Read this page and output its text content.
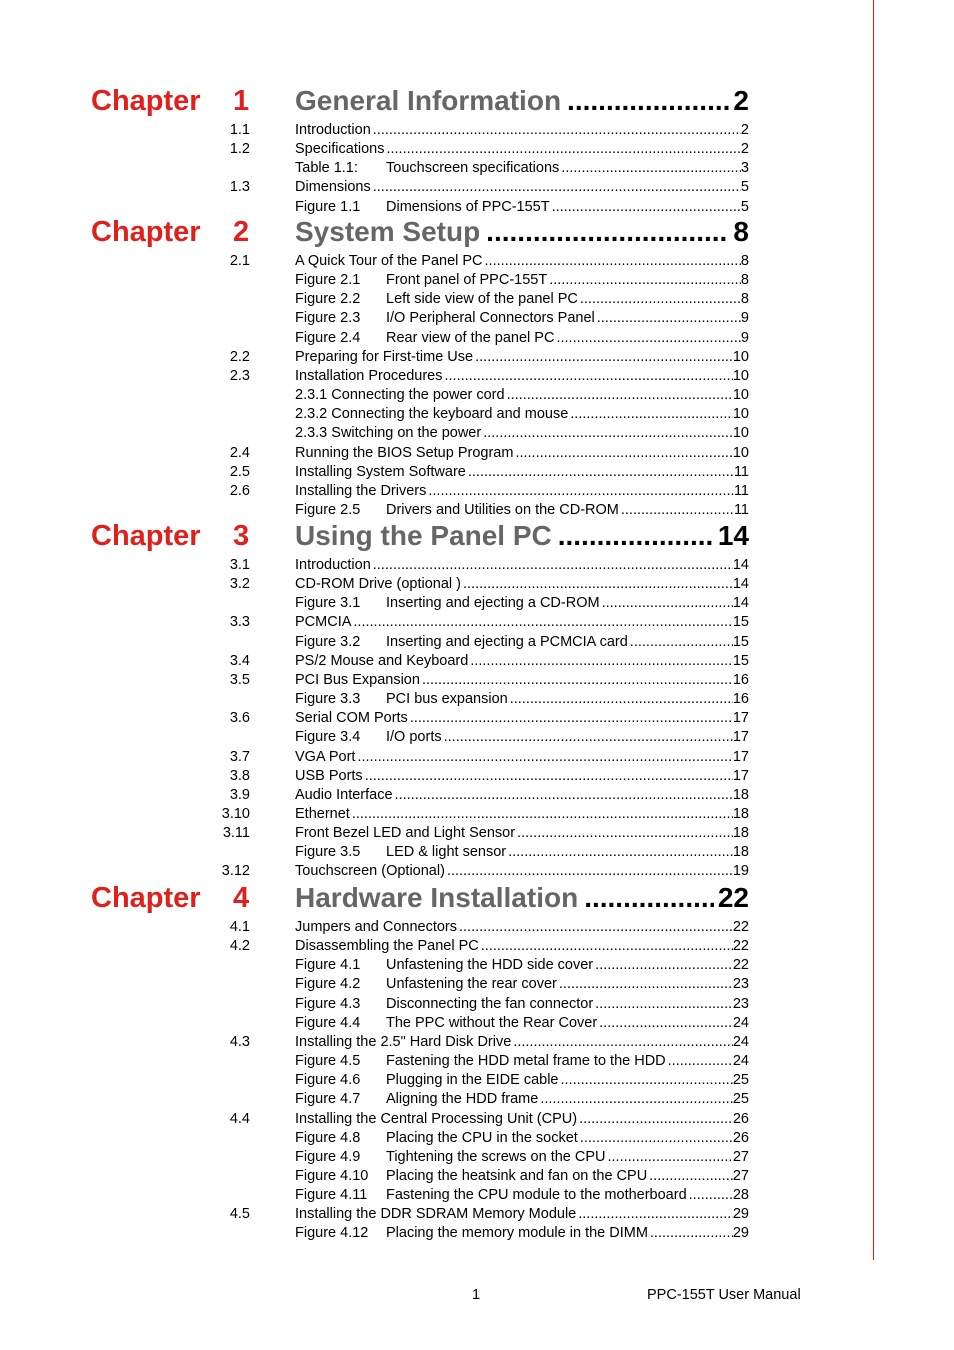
Chapter 1 General Information .....	2
1.1	Introduction .....	2
1.2	Specifications .....	2
Table 1.1:	Touchscreen specifications .....	3
1.3	Dimensions .....	5
Figure 1.1	Dimensions of PPC-155T .....	5
Chapter 2 System Setup .....	8
2.1	A Quick Tour of the Panel PC .....	8
Figure 2.1	Front panel of PPC-155T .....	8
Figure 2.2	Left side view of the panel PC .....	8
Figure 2.3	I/O Peripheral Connectors Panel .....	9
Figure 2.4	Rear view of the panel PC .....	9
2.2	Preparing for First-time Use .....	10
2.3	Installation Procedures .....	10
2.3.1 Connecting the power cord .....	10
2.3.2 Connecting the keyboard and mouse .....	10
2.3.3 Switching on the power .....	10
2.4	Running the BIOS Setup Program .....	10
2.5	Installing System Software .....	11
2.6	Installing the Drivers .....	11
Figure 2.5	Drivers and Utilities on the CD-ROM .....	11
Chapter 3 Using the Panel PC .....	14
3.1	Introduction .....	14
3.2	CD-ROM Drive (optional ) .....	14
Figure 3.1	Inserting and ejecting a CD-ROM .....	14
3.3	PCMCIA .....	15
Figure 3.2	Inserting and ejecting a PCMCIA card .....	15
3.4	PS/2 Mouse and Keyboard .....	15
3.5	PCI Bus Expansion .....	16
Figure 3.3	PCI bus expansion .....	16
3.6	Serial COM Ports .....	17
Figure 3.4	I/O ports .....	17
3.7	VGA Port .....	17
3.8	USB Ports .....	17
3.9	Audio Interface .....	18
3.10	Ethernet .....	18
3.11	Front Bezel LED and Light Sensor .....	18
Figure 3.5	LED & light sensor .....	18
3.12	Touchscreen (Optional) .....	19
Chapter 4 Hardware Installation .....	22
4.1	Jumpers and Connectors .....	22
4.2	Disassembling the Panel PC .....	22
Figure 4.1	Unfastening the HDD side cover .....	22
Figure 4.2	Unfastening the rear cover .....	23
Figure 4.3	Disconnecting the fan connector .....	23
Figure 4.4	The PPC without the Rear Cover .....	24
4.3	Installing the 2.5" Hard Disk Drive .....	24
Figure 4.5	Fastening the HDD metal frame to the HDD .....	24
Figure 4.6	Plugging in the EIDE cable .....	25
Figure 4.7	Aligning the HDD frame .....	25
4.4	Installing the Central Processing Unit (CPU) .....	26
Figure 4.8	Placing the CPU in the socket .....	26
Figure 4.9	Tightening the screws on the CPU .....	27
Figure 4.10	Placing the heatsink and fan on the CPU .....	27
Figure 4.11	Fastening the CPU module to the motherboard .....	28
4.5	Installing the DDR SDRAM Memory Module .....	29
Figure 4.12	Placing the memory module in the DIMM .....	29
1	PPC-155T User Manual
